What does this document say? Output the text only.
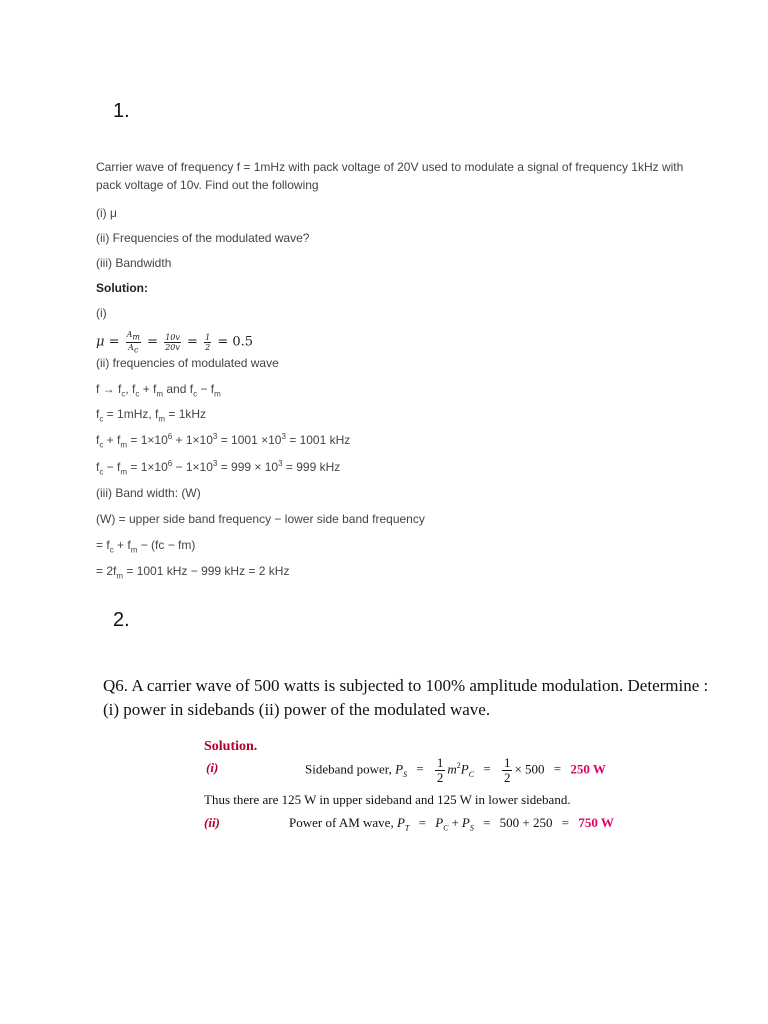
1.
Carrier wave of frequency f = 1mHz with pack voltage of 20V used to modulate a signal of frequency 1kHz with
pack voltage of 10v. Find out the following
(i) μ
(ii) Frequencies of the modulated wave?
(iii) Bandwidth
Solution:
(i)
$\mu = \frac{A_m}{A_c} = \frac{10v}{20v} = \frac{1}{2} = 0.5$
(ii) frequencies of modulated wave
$f \to f_c$, $f_c + f_m$ and $f_c - f_m$
$f_c = 1mHz$, $f_m = 1kHz$
$f_c + f_m = 1\times 10^6 + 1\times 10^3 = 1001 \times 10^3 = 1001$ kHz
$f_c - f_m = 1\times 10^6 - 1\times 10^3 = 999 \times 10^3 = 999$ kHz
(iii) Band width: (W)
(W) = upper side band frequency − lower side band frequency
= $f_c + f_m - (fc - fm)$
= $2f_m = 1001$ kHz − 999 kHz = 2 kHz
2.
Q6. A carrier wave of 500 watts is subjected to 100% amplitude modulation. Determine :
(i) power in sidebands (ii) power of the modulated wave.
Solution.
(i)	Sideband power, $P_S = \frac{1}{2} m^2P_C = \frac{1}{2} \times 500 = 250$ W
Thus there are 125 W in upper sideband and 125 W in lower sideband.
(ii)	Power of AM wave, $P_T = P_C + P_S = 500 + 250 = 750$ W
